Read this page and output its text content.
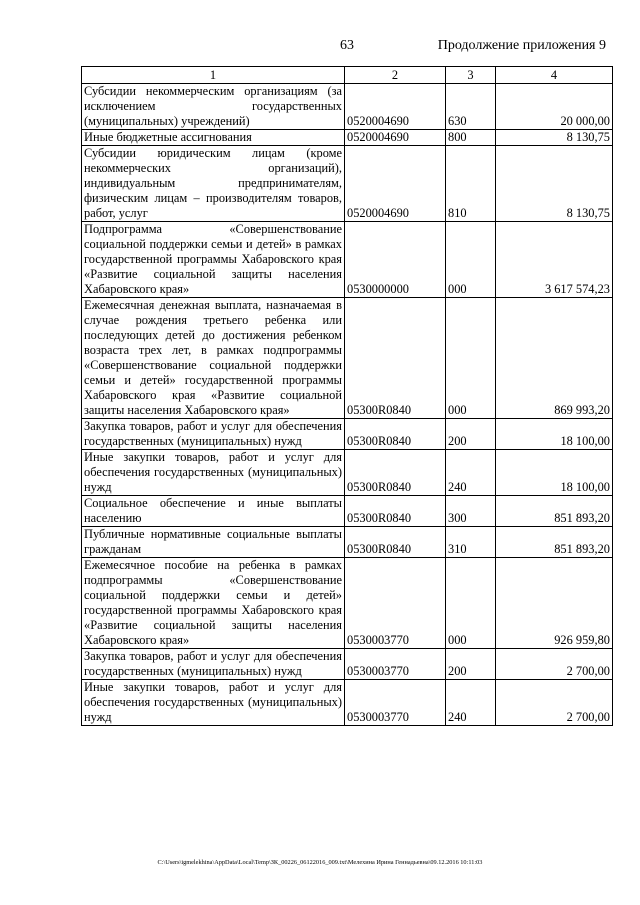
63	Продолжение приложения 9
1	2	3	4
Субсидии некоммерческим организациям (за исключением государственных (муниципальных) учреждений)	0520004690	630	20 000,00
Иные бюджетные ассигнования	0520004690	800	8 130,75
Субсидии юридическим лицам (кроме некоммерческих организаций), индивидуальным предпринимателям, физическим лицам – производителям товаров, работ, услуг	0520004690	810	8 130,75
Подпрограмма «Совершенствование социальной поддержки семьи и детей» в рамках государственной программы Хабаровского края «Развитие социальной защиты населения Хабаровского края»	0530000000	000	3 617 574,23
Ежемесячная денежная выплата, назначаемая в случае рождения третьего ребенка или последующих детей до достижения ребенком возраста трех лет, в рамках подпрограммы «Совершенствование социальной поддержки семьи и детей» государственной программы Хабаровского края «Развитие социальной защиты населения Хабаровского края»	05300R0840	000	869 993,20
Закупка товаров, работ и услуг для обеспечения государственных (муниципальных) нужд	05300R0840	200	18 100,00
Иные закупки товаров, работ и услуг для обеспечения государственных (муниципальных) нужд	05300R0840	240	18 100,00
Социальное обеспечение и иные выплаты населению	05300R0840	300	851 893,20
Публичные нормативные социальные выплаты гражданам	05300R0840	310	851 893,20
Ежемесячное пособие на ребенка в рамках подпрограммы «Совершенствование социальной поддержки семьи и детей» государственной программы Хабаровского края «Развитие социальной защиты населения Хабаровского края»	0530003770	000	926 959,80
Закупка товаров, работ и услуг для обеспечения государственных (муниципальных) нужд	0530003770	200	2 700,00
Иные закупки товаров, работ и услуг для обеспечения государственных (муниципальных) нужд	0530003770	240	2 700,00
C:\Users\igmelekhina\AppData\Local\Temp\ЗК_00226_06122016_009.txt\Мелехина Ирина Геннадьевна\09.12.2016 10:11:03
